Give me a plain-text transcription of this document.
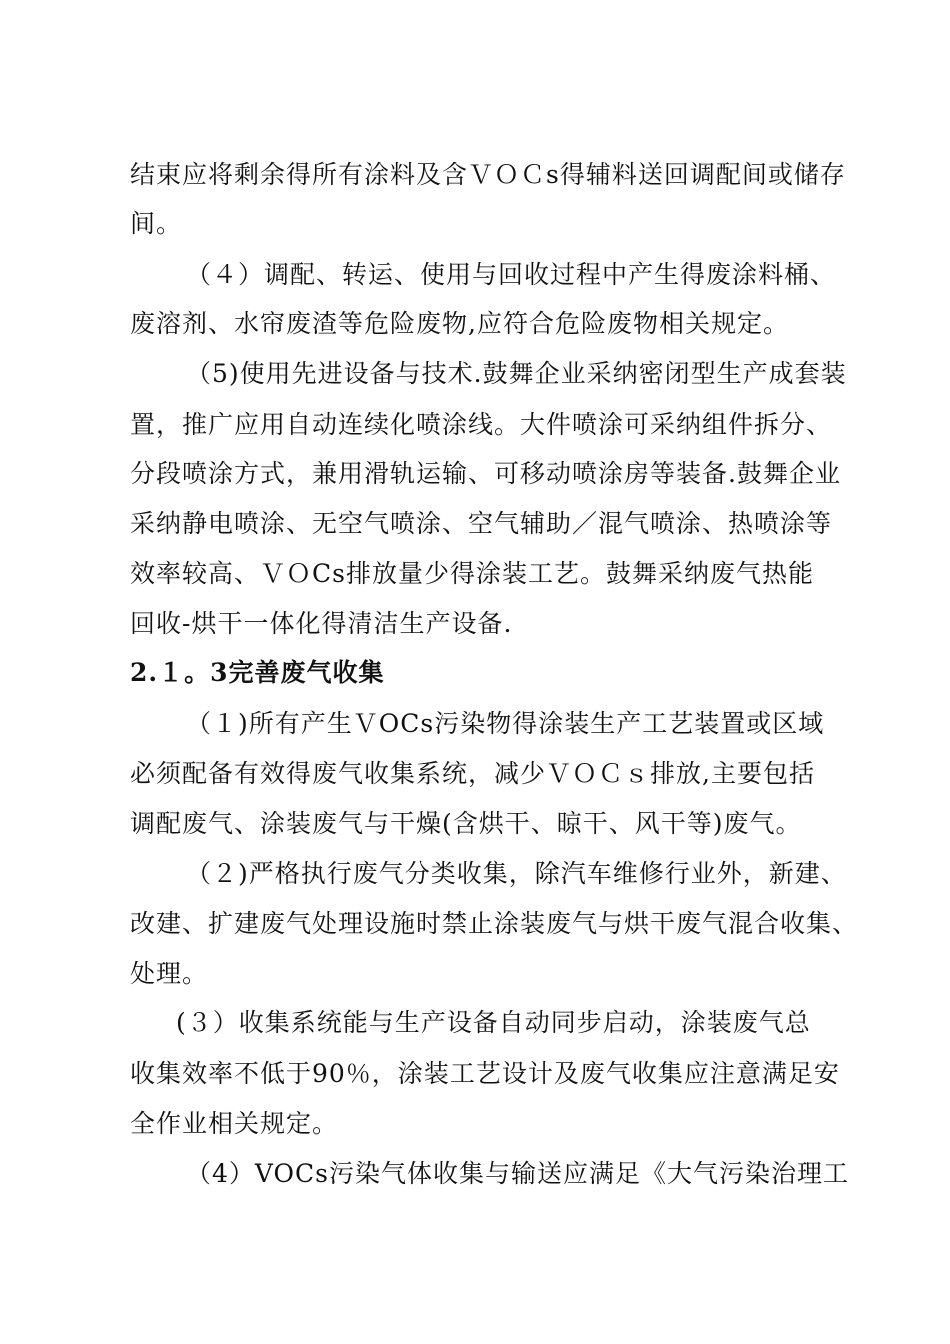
结束应将剩余得所有涂料及含ＶＯＣs得辅料送回调配间或储存
间。
（４）调配、转运、使用与回收过程中产生得废涂料桶、
废溶剂、水帘废渣等危险废物,应符合危险废物相关规定。
（5)使用先进设备与技术.鼓舞企业采纳密闭型生产成套装
置，推广应用自动连续化喷涂线。大件喷涂可采纳组件拆分、
分段喷涂方式，兼用滑轨运输、可移动喷涂房等装备.鼓舞企业
采纳静电喷涂、无空气喷涂、空气辅助／混气喷涂、热喷涂等
效率较高、ＶＯCs排放量少得涂装工艺。鼓舞采纳废气热能
回收-烘干一体化得清洁生产设备.
2.１。3完善废气收集
（１)所有产生ＶOCs污染物得涂装生产工艺装置或区域
必须配备有效得废气收集系统，减少ＶＯＣｓ排放,主要包括
调配废气、涂装废气与干燥(含烘干、晾干、风干等)废气。
（２)严格执行废气分类收集，除汽车维修行业外，新建、
改建、扩建废气处理设施时禁止涂装废气与烘干废气混合收集、
处理。
(３）收集系统能与生产设备自动同步启动，涂装废气总
收集效率不低于90％，涂装工艺设计及废气收集应注意满足安
全作业相关规定。
（4）VOCs污染气体收集与输送应满足《大气污染治理工
